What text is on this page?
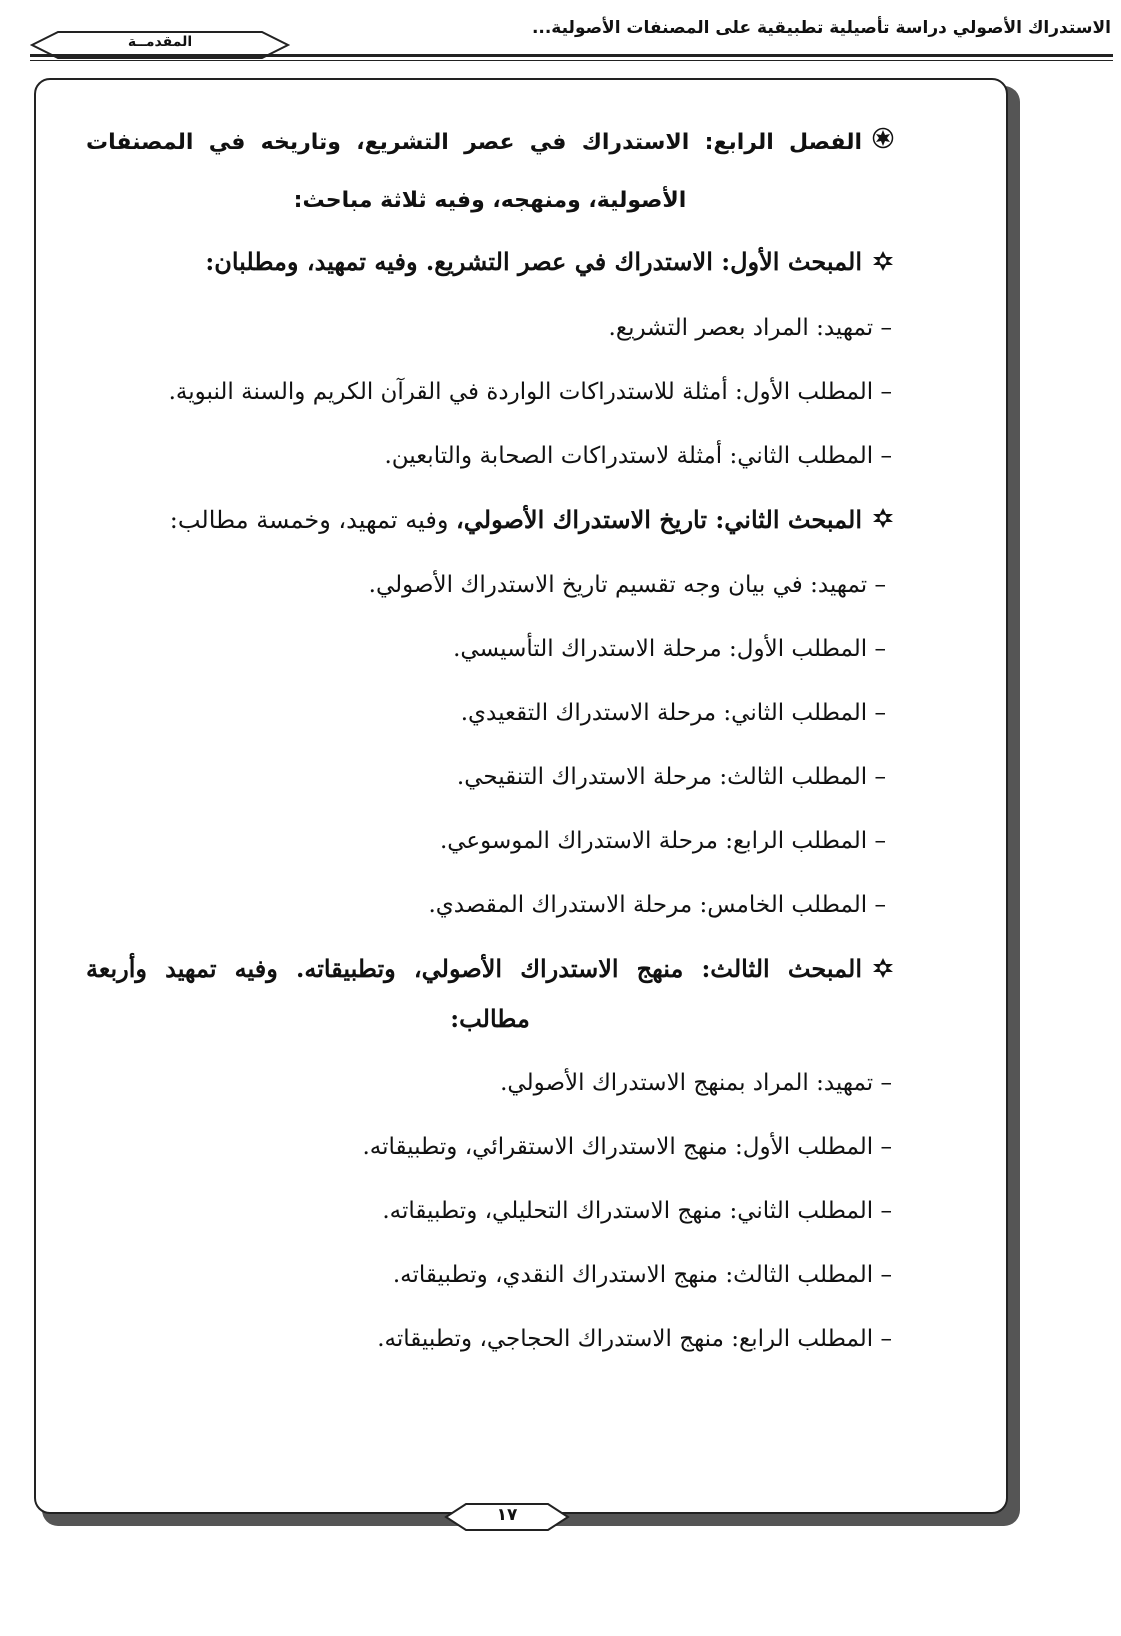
الاستدراك الأصولي دراسة تأصيلية تطبيقية على المصنفات الأصولية...
المقدمــة

الفصل الرابع: الاستدراك في عصر التشريع، وتاريخه في المصنفات الأصولية، ومنهجه، وفيه ثلاثة مباحث:

المبحث الأول: الاستدراك في عصر التشريع. وفيه تمهيد، ومطلبان:

– تمهيد: المراد بعصر التشريع.

– المطلب الأول: أمثلة للاستدراكات الواردة في القرآن الكريم والسنة النبوية.

– المطلب الثاني: أمثلة لاستدراكات الصحابة والتابعين.

المبحث الثاني: تاريخ الاستدراك الأصولي، وفيه تمهيد، وخمسة مطالب:

– تمهيد: في بيان وجه تقسيم تاريخ الاستدراك الأصولي.

– المطلب الأول: مرحلة الاستدراك التأسيسي.

– المطلب الثاني: مرحلة الاستدراك التقعيدي.

– المطلب الثالث: مرحلة الاستدراك التنقيحي.

– المطلب الرابع: مرحلة الاستدراك الموسوعي.

– المطلب الخامس: مرحلة الاستدراك المقصدي.

المبحث الثالث: منهج الاستدراك الأصولي، وتطبيقاته. وفيه تمهيد وأربعة مطالب:

– تمهيد: المراد بمنهج الاستدراك الأصولي.

– المطلب الأول: منهج الاستدراك الاستقرائي، وتطبيقاته.

– المطلب الثاني: منهج الاستدراك التحليلي، وتطبيقاته.

– المطلب الثالث: منهج الاستدراك النقدي، وتطبيقاته.

– المطلب الرابع: منهج الاستدراك الحجاجي، وتطبيقاته.

١٧
